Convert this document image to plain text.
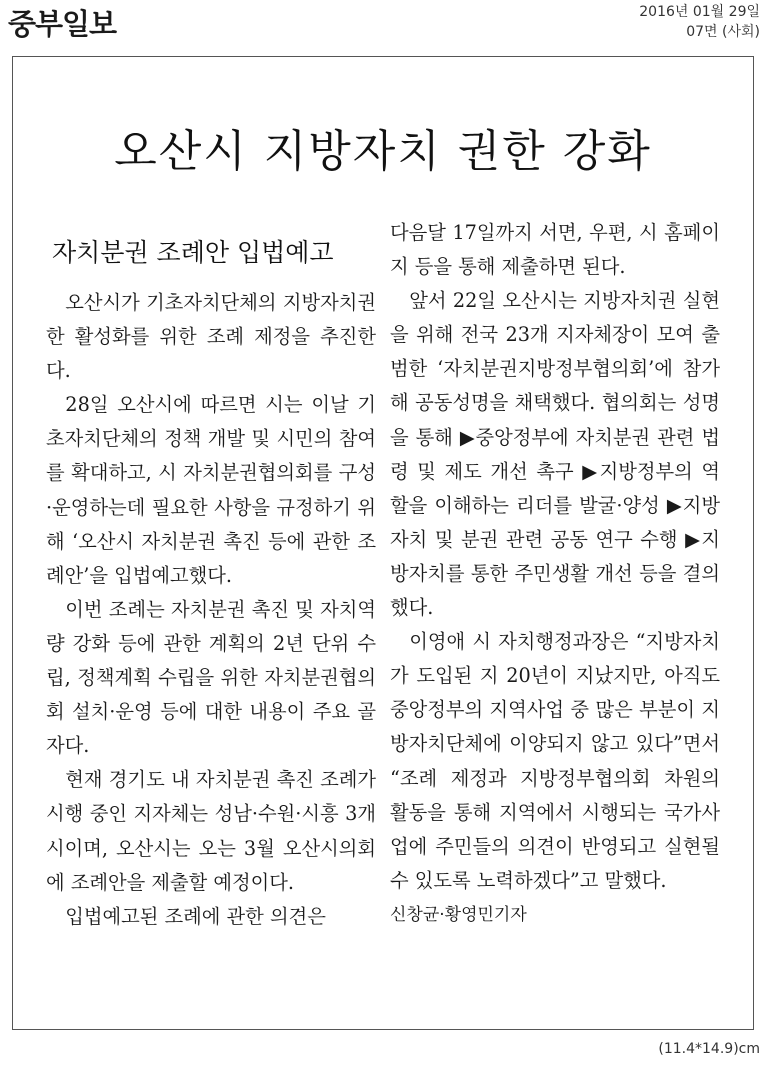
중부일보	2016년 01월 29일
07면 (사회)
오산시 지방자치 권한 강화
자치분권 조례안 입법예고

오산시가 기초자치단체의 지방자치권한 활성화를 위한 조례 제정을 추진한다.

28일 오산시에 따르면 시는 이날 기초자치단체의 정책 개발 및 시민의 참여를 확대하고, 시 자치분권협의회를 구성·운영하는데 필요한 사항을 규정하기 위해 ‘오산시 자치분권 촉진 등에 관한 조례안’을 입법예고했다.

이번 조례는 자치분권 촉진 및 자치역량 강화 등에 관한 계획의 2년 단위 수립, 정책계획 수립을 위한 자치분권협의회 설치·운영 등에 대한 내용이 주요 골자다.

현재 경기도 내 자치분권 촉진 조례가 시행 중인 지자체는 성남·수원·시흥 3개시이며, 오산시는 오는 3월 오산시의회에 조례안을 제출할 예정이다.

입법예고된 조례에 관한 의견은

다음달 17일까지 서면, 우편, 시 홈페이지 등을 통해 제출하면 된다.

앞서 22일 오산시는 지방자치권 실현을 위해 전국 23개 지자체장이 모여 출범한 ‘자치분권지방정부협의회’에 참가해 공동성명을 채택했다. 협의회는 성명을 통해 ▶중앙정부에 자치분권 관련 법령 및 제도 개선 촉구 ▶지방정부의 역할을 이해하는 리더를 발굴·양성 ▶지방자치 및 분권 관련 공동 연구 수행 ▶지방자치를 통한 주민생활 개선 등을 결의했다.

이영애 시 자치행정과장은 “지방자치가 도입된 지 20년이 지났지만, 아직도 중앙정부의 지역사업 중 많은 부분이 지방자치단체에 이양되지 않고 있다”면서 “조례 제정과 지방정부협의회 차원의 활동을 통해 지역에서 시행되는 국가사업에 주민들의 의견이 반영되고 실현될 수 있도록 노력하겠다”고 말했다.

신창균·황영민기자

(11.4*14.9)cm
